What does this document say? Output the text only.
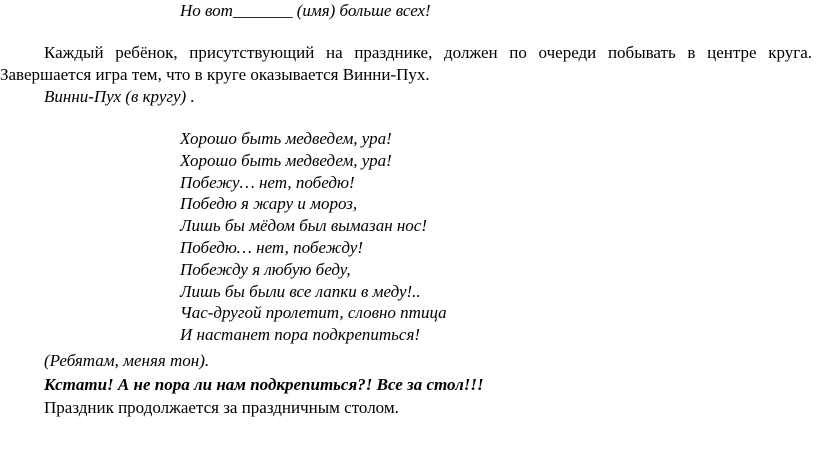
Но вот_______ (имя) больше всех!
Каждый ребёнок, присутствующий на празднике, должен по очереди побывать в центре круга. Завершается игра тем, что в круге оказывается Винни-Пух.
Винни-Пух (в кругу) .
Хорошо быть медведем, ура!
Хорошо быть медведем, ура!
Побежу… нет, победю!
Победю я жару и мороз,
Лишь бы мёдом был вымазан нос!
Победю… нет, побежду!
Побежду я любую беду,
Лишь бы были все лапки в меду!..
Час-другой пролетит, словно птица
И настанет пора подкрепиться!
(Ребятам, меняя тон).
Кстати! А не пора ли нам подкрепиться?! Все за стол!!!
Праздник продолжается за праздничным столом.
